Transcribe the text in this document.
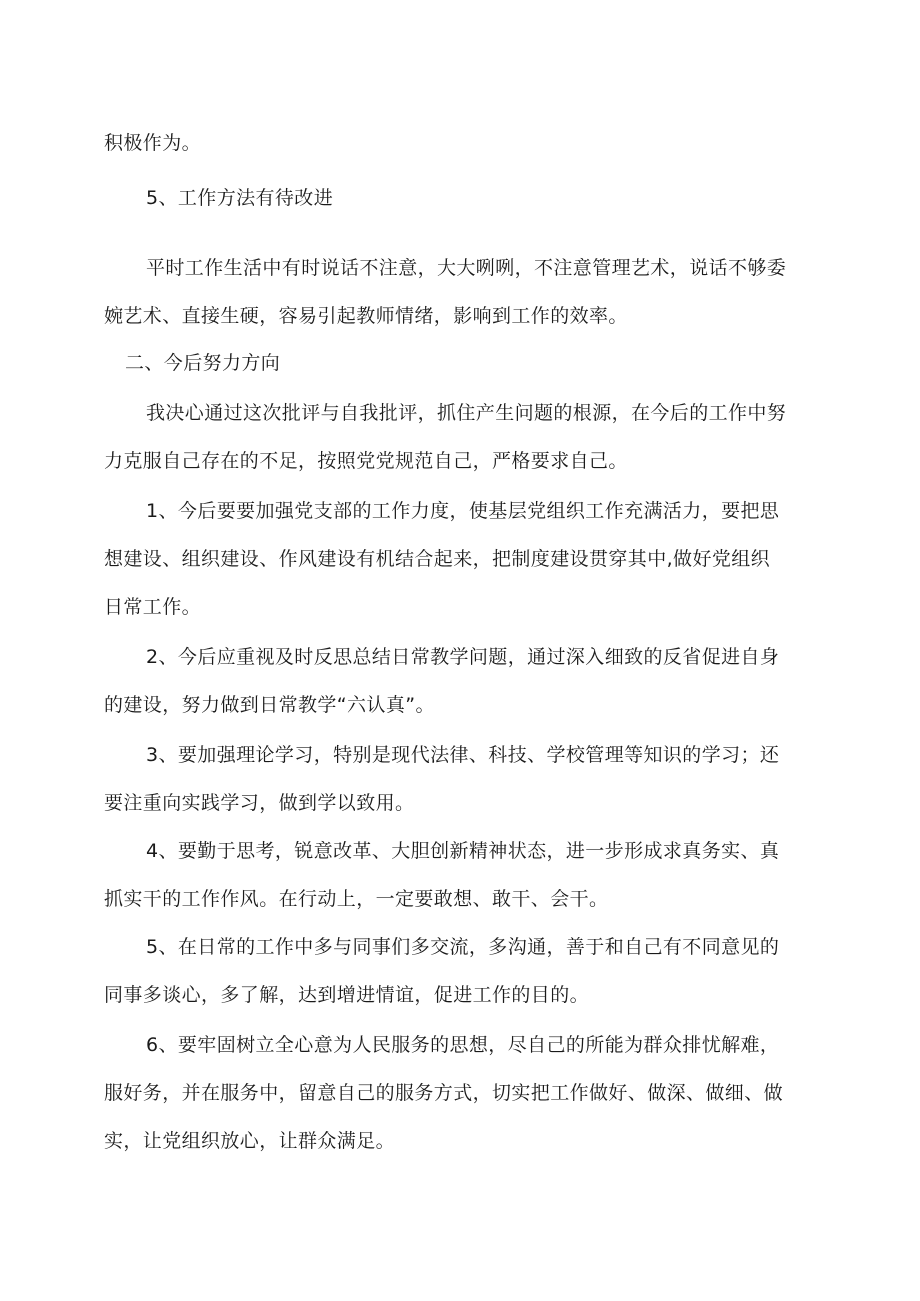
积极作为。
5、工作方法有待改进
平时工作生活中有时说话不注意，大大咧咧，不注意管理艺术，说话不够委
婉艺术、直接生硬，容易引起教师情绪，影响到工作的效率。
二、今后努力方向
我决心通过这次批评与自我批评，抓住产生问题的根源，在今后的工作中努
力克服自己存在的不足，按照党党规范自己，严格要求自己。
1、今后要要加强党支部的工作力度，使基层党组织工作充满活力，要把思
想建设、组织建设、作风建设有机结合起来，把制度建设贯穿其中,做好党组织
日常工作。
2、今后应重视及时反思总结日常教学问题，通过深入细致的反省促进自身
的建设，努力做到日常教学“六认真”。
3、要加强理论学习，特别是现代法律、科技、学校管理等知识的学习；还
要注重向实践学习，做到学以致用。
4、要勤于思考，锐意改革、大胆创新精神状态，进一步形成求真务实、真
抓实干的工作作风。在行动上，一定要敢想、敢干、会干。
5、在日常的工作中多与同事们多交流，多沟通，善于和自己有不同意见的
同事多谈心，多了解，达到增进情谊，促进工作的目的。
6、要牢固树立全心意为人民服务的思想，尽自己的所能为群众排忧解难，
服好务，并在服务中，留意自己的服务方式，切实把工作做好、做深、做细、做
实，让党组织放心，让群众满足。
